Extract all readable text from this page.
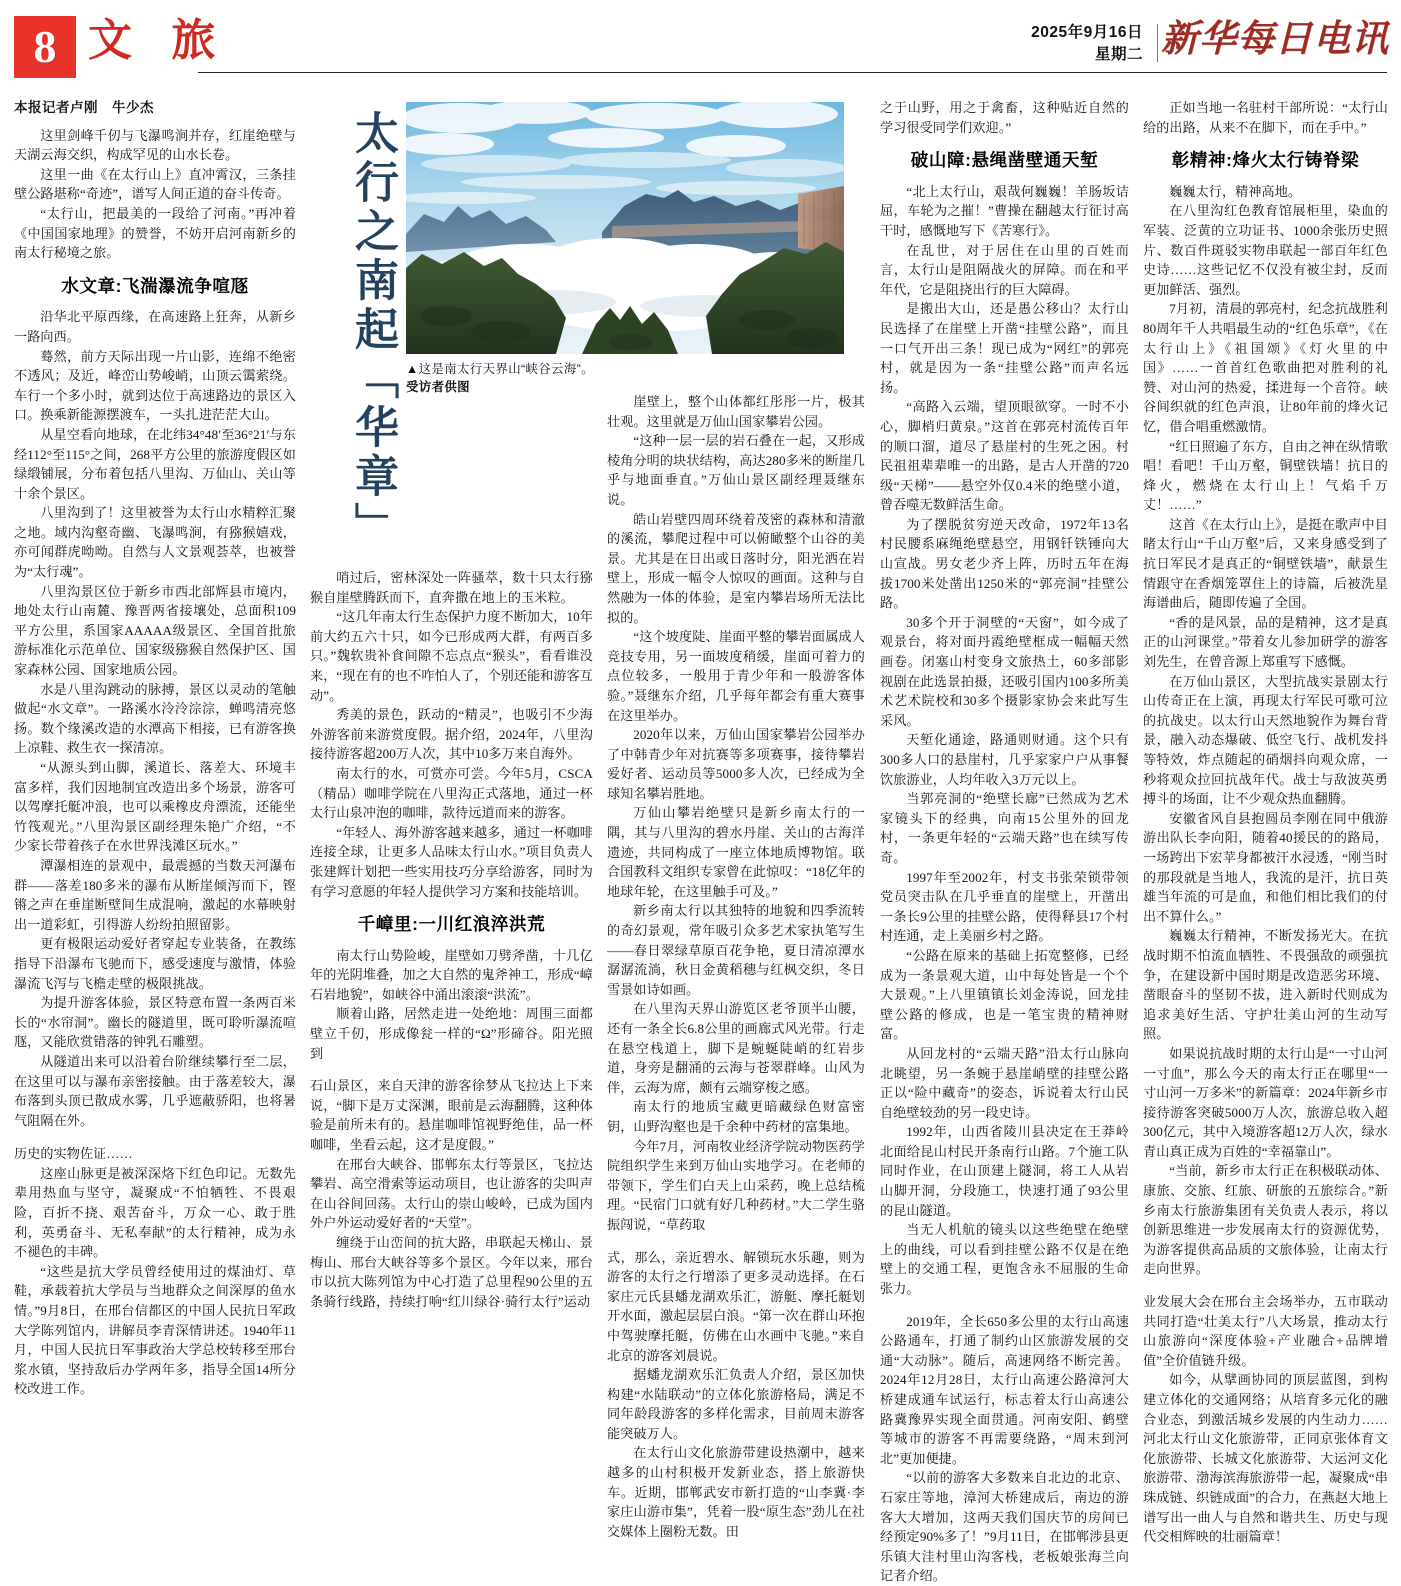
8 文 旅	2025年9月16日
星期二 新华每日电讯
太行之南起「华章」 ▲这是南太行天界山“峡谷云海”。 受访者供图
本报记者卢刚　牛少杰

这里剑峰千仞与飞瀑鸣涧并存，红崖绝壁与天湖云海交织，构成罕见的山水长卷。

这里一曲《在太行山上》直冲霄汉，三条挂壁公路堪称“奇迹”，谱写人间正道的奋斗传奇。

“太行山，把最美的一段给了河南。”再冲着《中国国家地理》的赞誉，不妨开启河南新乡的南太行秘境之旅。

水文章:飞湍瀑流争喧豗

沿华北平原西缘，在高速路上狂奔，从新乡一路向西。

蓦然，前方天际出现一片山影，连绵不绝密不透风；及近，峰峦山势峻峭，山顶云霭萦绕。车行一个多小时，就到达位于高速路边的景区入口。换乘新能源摆渡车，一头扎进茫茫大山。

从星空看向地球，在北纬34°48′至36°21′与东经112°至115°之间，268平方公里的旅游度假区如绿缎铺展，分布着包括八里沟、万仙山、关山等十余个景区。

八里沟到了！这里被誉为太行山水精粹汇聚之地。域内沟壑奇幽、飞瀑鸣涧，有猕猴嬉戏，亦可闻群虎呦呦。自然与人文景观荟萃，也被誉为“太行魂”。

八里沟景区位于新乡市西北部辉县市境内，地处太行山南麓、豫晋两省接壤处，总面积109平方公里，系国家AAAAA级景区、全国首批旅游标准化示范单位、国家级猕猴自然保护区、国家森林公园、国家地质公园。

水是八里沟跳动的脉搏，景区以灵动的笔触做起“水文章”。一路溪水泠泠淙淙，蝉鸣清亮悠扬。数个缘溪改造的水潭高下相接，已有游客换上凉鞋、救生衣一探清凉。

“从源头到山脚，溪道长、落差大、环境丰富多样，我们因地制宜改造出多个场景，游客可以驾摩托艇冲浪，也可以乘橡皮舟漂流，还能坐竹筏观光。”八里沟景区副经理朱艳广介绍，“不少家长带着孩子在水世界浅滩区玩水。”

潭瀑相连的景观中，最震撼的当数天河瀑布群——落差180多米的瀑布从断崖倾泻而下，铿锵之声在垂崖断壁间生成混响，激起的水幕映射出一道彩虹，引得游人纷纷拍照留影。

更有极限运动爱好者穿起专业装备，在教练指导下沿瀑布飞驰而下，感受速度与激情，体验瀑流飞泻与飞檐走壁的极限挑战。

为提升游客体验，景区特意布置一条两百米长的“水帘洞”。幽长的隧道里，既可聆听瀑流喧豗，又能欣赏错落的钟乳石雕塑。

从隧道出来可以沿着台阶继续攀行至二层，在这里可以与瀑布亲密接触。由于落差较大，瀑布落到头顶已散成水雾，几乎遮蔽骄阳，也将暑气阻隔在外。

历史的实物佐证……

这座山脉更是被深深烙下红色印记。无数先辈用热血与坚守，凝聚成“不怕牺牲、不畏艰险，百折不挠、艰苦奋斗，万众一心、敢于胜利，英勇奋斗、无私奉献”的太行精神，成为永不褪色的丰碑。

“这些是抗大学员曾经使用过的煤油灯、草鞋，承载着抗大学员与当地群众之间深厚的鱼水情。”9月8日，在邢台信都区的中国人民抗日军政大学陈列馆内，讲解员李青深情讲述。1940年11月，中国人民抗日军事政治大学总校转移至邢台浆水镇，坚持敌后办学两年多，指导全国14所分校改进工作。

哨过后，密林深处一阵骚萃，数十只太行猕猴自崖壁腾跃而下，直奔撒在地上的玉米粒。

“这几年南太行生态保护力度不断加大，10年前大约五六十只，如今已形成两大群，有两百多只。”魏软贵补食间隙不忘点点“猴头”，看看谁没来，“现在有的也不咋怕人了，个别还能和游客互动”。

秀美的景色，跃动的“精灵”，也吸引不少海外游客前来游赏度假。据介绍，2024年，八里沟接待游客超200万人次，其中10多万来自海外。

南太行的水，可赏亦可尝。今年5月，CSCA（精品）咖啡学院在八里沟正式落地，通过一杯太行山泉冲泡的咖啡，款待远道而来的游客。

“年轻人、海外游客越来越多，通过一杯咖啡连接全球，让更多人品味太行山水。”项目负责人张建辉计划把一些实用技巧分享给游客，同时为有学习意愿的年轻人提供学习方案和技能培训。

千嶂里:一川红浪淬洪荒

南太行山势险峻，崖壁如刀劈斧凿，十几亿年的光阴堆叠，加之大自然的鬼斧神工，形成“嶂石岩地貌”，如峡谷中涌出滚滚“洪流”。

顺着山路，居然走进一处绝地：周围三面都壁立千仞，形成像瓮一样的“Ω”形碲谷。阳光照到

石山景区，来自天津的游客徐梦从飞拉达上下来说，“脚下是万丈深渊，眼前是云海翻腾，这种体验是前所未有的。悬崖咖啡馆视野绝佳，品一杯咖啡，坐看云起，这才是度假。”

在邢台大峡谷、邯郸东太行等景区，飞拉达攀岩、高空滑索等运动项目，也让游客的尖叫声在山谷间回荡。太行山的崇山峻岭，已成为国内外户外运动爱好者的“天堂”。

缠绕于山峦间的抗大路，串联起天梯山、景梅山、邢台大峡谷等多个景区。今年以来，邢台市以抗大陈列馆为中心打造了总里程90公里的五条骑行线路，持续打响“红川绿谷·骑行太行”运动

崖壁上，整个山体都红彤彤一片，极其壮观。这里就是万仙山国家攀岩公园。

“这种一层一层的岩石叠在一起，又形成棱角分明的块状结构，高达280多米的断崖几乎与地面垂直。”万仙山景区副经理聂继东说。

皓山岩壁四周环绕着茂密的森林和清澈的溪流，攀爬过程中可以俯瞰整个山谷的美景。尤其是在日出或日落时分，阳光洒在岩壁上，形成一幅令人惊叹的画面。这种与自然融为一体的体验，是室内攀岩场所无法比拟的。

“这个坡度陡、崖面平整的攀岩面属成人竞技专用，另一面坡度稍缓，崖面可着力的点位较多，一般用于青少年和一般游客体验。”聂继东介绍，几乎每年都会有重大赛事在这里举办。

2020年以来，万仙山国家攀岩公园举办了中韩青少年对抗赛等多项赛事，接待攀岩爱好者、运动员等5000多人次，已经成为全球知名攀岩胜地。

万仙山攀岩绝壁只是新乡南太行的一隅，其与八里沟的碧水丹崖、关山的古海洋遗迹，共同构成了一座立体地质博物馆。联合国教科文组织专家曾在此惊叹：“18亿年的地球年轮，在这里触手可及。”

新乡南太行以其独特的地貌和四季流转的奇幻景观，常年吸引众多艺术家执笔写生——春日翠绿草原百花争艳，夏日清凉潭水潺潺流淌，秋日金黄稻穗与红枫交织，冬日雪景如诗如画。

在八里沟天界山游览区老爷顶半山腰，还有一条全长6.8公里的画廊式风光带。行走在悬空栈道上，脚下是蜿蜒陡峭的红岩步道，身旁是翻涌的云海与苍翠群峰。山风为伴，云海为席，颇有云端穿梭之感。

南太行的地质宝藏更暗藏绿色财富密钥，山野沟壑也是千余种中药材的富集地。

今年7月，河南牧业经济学院动物医药学院组织学生来到万仙山实地学习。在老师的带领下，学生们白天上山采药，晚上总结梳理。“民宿门口就有好几种药材。”大二学生骆振闯说，“草药取

式，那么，亲近碧水、解锁玩水乐趣，则为游客的太行之行增添了更多灵动选择。在石家庄元氏县蟠龙湖欢乐汇，游艇、摩托艇划开水面，激起层层白浪。“第一次在群山环抱中驾驶摩托艇，仿佛在山水画中飞驰。”来自北京的游客刘晨说。

据蟠龙湖欢乐汇负责人介绍，景区加快构建“水陆联动”的立体化旅游格局，满足不同年龄段游客的多样化需求，目前周末游客能突破万人。

在太行山文化旅游带建设热潮中，越来越多的山村积极开发新业态，搭上旅游快车。近期，邯郸武安市新打造的“山李冀·李家庄山游市集”，凭着一股“原生态”劲儿在社交媒体上圈粉无数。田

之于山野，用之于禽畜，这种贴近自然的学习很受同学们欢迎。”

破山障:悬绳凿壁通天堑

“北上太行山，艰哉何巍巍！羊肠坂诘屈，车轮为之摧！”曹操在翻越太行征讨高干时，感慨地写下《苦寒行》。

在乱世，对于居住在山里的百姓而言，太行山是阻隔战火的屏障。而在和平年代，它是阻挠出行的巨大障碍。

是搬出大山，还是愚公移山？太行山民选择了在崖壁上开凿“挂壁公路”，而且一口气开出三条！现已成为“网红”的郭亮村，就是因为一条“挂壁公路”而声名远扬。

“高路入云端，望顶眼欲穿。一时不小心，脚梢归黄泉。”这首在郭亮村流传百年的顺口溜，道尽了悬崖村的生死之困。村民祖祖辈辈唯一的出路，是古人开凿的720级“天梯”——悬空外仅0.4米的绝壁小道，曾吞噬无数鲜活生命。

为了摆脱贫穷逆天改命，1972年13名村民腰系麻绳绝壁悬空，用钢钎铁锤向大山宣战。男女老少齐上阵，历时五年在海拔1700米处凿出1250米的“郭亮洞”挂壁公路。

30多个开于洞壁的“天窗”，如今成了观景台，将对面丹霞绝壁框成一幅幅天然画卷。闭塞山村变身文旅热土，60多部影视剧在此选景拍摄，还吸引国内100多所美术艺术院校和30多个摄影家协会来此写生采风。

天堑化通途，路通则财通。这个只有300多人口的悬崖村，几乎家家户户从事餐饮旅游业，人均年收入3万元以上。

当郭亮洞的“绝壁长廊”已然成为艺术家镜头下的经典，向南15公里外的回龙村，一条更年轻的“云端天路”也在续写传奇。

1997年至2002年，村支书张荣锁带领党员突击队在几乎垂直的崖壁上，开凿出一条长9公里的挂壁公路，使得释县17个村村连通，走上美丽乡村之路。

“公路在原来的基础上拓宽整修，已经成为一条景观大道，山中每处皆是一个个大景观。”上八里镇镇长刘金涛说，回龙挂壁公路的修成，也是一笔宝贵的精神财富。

从回龙村的“云端天路”沿太行山脉向北眺望，另一条蜿于悬崖峭壁的挂壁公路正以“险中藏奇”的姿态，诉说着太行山民自绝壁较劲的另一段史诗。

1992年，山西省陵川县决定在王莽岭北面给昆山村民开条南行山路。7个施工队同时作业，在山顶建上隧洞，将工人从岩山脚开洞，分段施工，快速打通了93公里的昆山隧道。

当无人机航的镜头以这些绝壁在绝壁上的曲线，可以看到挂壁公路不仅是在绝壁上的交通工程，更饱含永不屈服的生命张力。

2019年，全长650多公里的太行山高速公路通车，打通了制约山区旅游发展的交通“大动脉”。随后，高速网络不断完善。2024年12月28日，太行山高速公路漳河大桥建成通车试运行，标志着太行山高速公路冀豫界实现全面贯通。河南安阳、鹤壁等城市的游客不再需要绕路，“周末到河北”更加便捷。

“以前的游客大多数来自北边的北京、石家庄等地，漳河大桥建成后，南边的游客大大增加，这两天我们国庆节的房间已经预定90%多了！”9月11日，在邯郸涉县更乐镇大洼村里山沟客栈，老板娘张海兰向记者介绍。

正如当地一名驻村干部所说：“太行山给的出路，从来不在脚下，而在手中。”

彰精神:烽火太行铸脊梁

巍巍太行，精神高地。

在八里沟红色教育馆展柜里，染血的军装、泛黄的立功证书、1000余张历史照片、数百件斑驳实物串联起一部百年红色史诗……这些记忆不仅没有被尘封，反而更加鲜活、强烈。

7月初，清晨的郭亮村，纪念抗战胜利80周年千人共唱最生动的“红色乐章”，《在太行山上》《祖国颂》《灯火里的中国》……一首首红色歌曲把对胜利的礼赞、对山河的热爱，揉进每一个音符。峡谷间织就的红色声浪，让80年前的烽火记忆，借合唱重燃激情。

“红日照遍了东方，自由之神在纵情歌唱！看吧！千山万壑，铜壁铁墙！抗日的烽火，燃烧在太行山上！气焰千万丈！……”

这首《在太行山上》，是挺在歌声中目睹太行山“千山万壑”后，又来身感受到了抗日军民才是真正的“铜壁铁墙”，献景生情跟守在香烟笼罩住上的诗篇，后被洗星海谱曲后，随即传遍了全国。

“香的是风景，品的是精神，这才是真正的山河课堂。”带着女儿参加研学的游客刘先生，在曾音源上郑重写下感慨。

在万仙山景区，大型抗战实景剧太行山传奇正在上演，再现太行军民可歌可泣的抗战史。以太行山天然地貌作为舞台背景，融入动态爆破、低空飞行、战机发抖等特效，炸点随起的硝烟抖向观众席，一秒将观众拉回抗战年代。战士与敌波英勇搏斗的场面，让不少观众热血翻腾。

安徽省风自县抱圆员李刚在同中俄游游出队长李向阳，随着40援民的的路局，一场跨出下宏苹身都被汗水浸透，“刚当时的那段就是当地人，我流的是汗，抗日英雄当年流的可是血，和他们相比我们的付出不算什么。”

巍巍太行精神，不断发扬光大。在抗战时期不怕流血牺牲、不畏强敌的顽强抗争，在建设新中国时期是改造恶劣环境、凿眼奋斗的坚韧不拔，进入新时代则成为追求美好生活、守护壮美山河的生动写照。

如果说抗战时期的太行山是“一寸山河一寸血”，那么今天的南太行正在哪里“一寸山河一万多米”的新篇章：2024年新乡市接待游客突破5000万人次，旅游总收入超300亿元，其中入境游客超12万人次，绿水青山真正成为百姓的“幸福靠山”。

“当前，新乡市太行正在积极联动体、康旅、交旅、红旅、研旅的五旅综合。”新乡南太行旅游集团有关负责人表示，将以创新思维进一步发展南太行的资源优势，为游客提供高品质的文旅体验，让南太行走向世界。

业发展大会在邢台主会场举办，五市联动共同打造“壮美太行”八大场景，推动太行山旅游向“深度体验+产业融合+品牌增值”全价值链升级。

如今，从擘画协同的顶层蓝图，到构建立体化的交通网络；从培育多元化的融合业态，到激活城乡发展的内生动力……河北太行山文化旅游带，正同京张体育文化旅游带、长城文化旅游带、大运河文化旅游带、渤海滨海旅游带一起，凝聚成“串珠成链、织链成面”的合力，在燕赵大地上谱写出一曲人与自然和谐共生、历史与现代交相辉映的壮丽篇章！
